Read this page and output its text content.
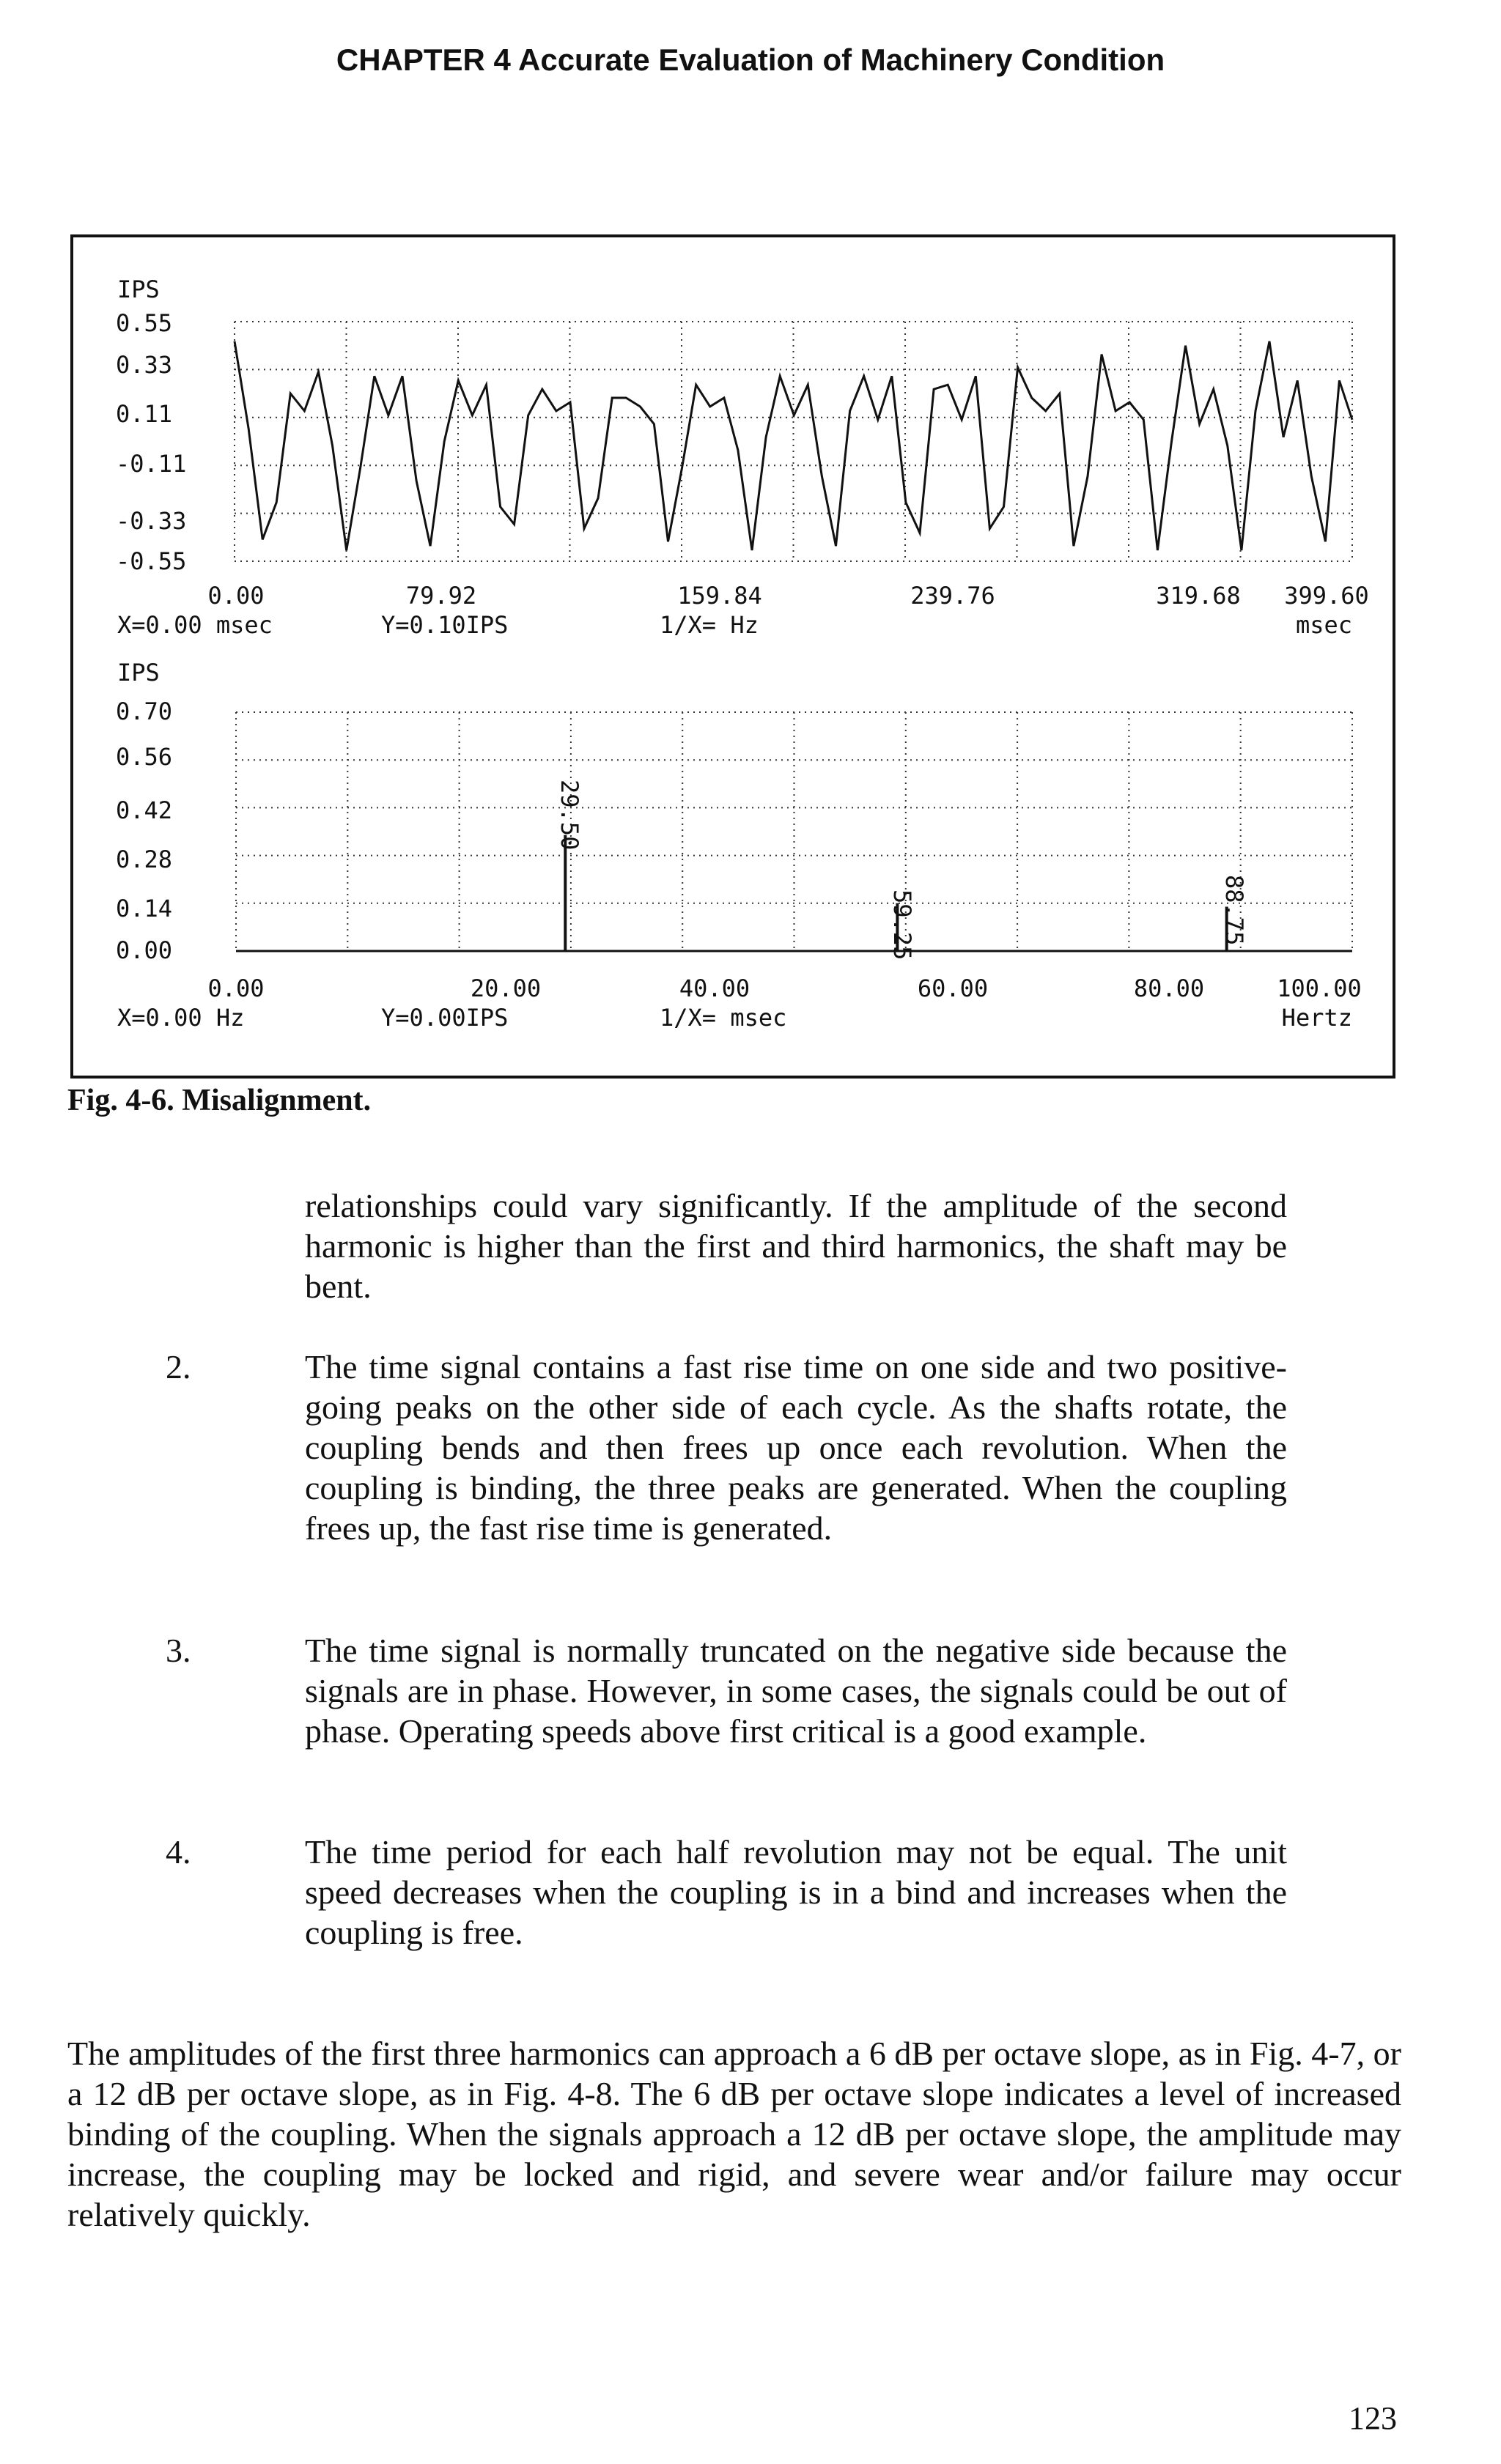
CHAPTER 4 Accurate Evaluation of Machinery Condition
IPS
0.55
0.33
0.11
-0.11
-0.33
-0.55
0.00	79.92	159.84	239.76	319.68 399.60
X=0.00 msec	Y=0.10IPS	1/X= Hz	msec
IPS
0.70
0.56
0.42
0.28
0.14
0.00
29.50
59.25	88.75
0.00	20.00	40.00	60.00	80.00	100.00
X=0.00 Hz	Y=0.00IPS	1/X= msec	Hertz
Fig. 4-6. Misalignment.
relationships could vary significantly. If the amplitude of the second harmonic is higher than the first and third harmonics, the shaft may be bent.
2.	The time signal contains a fast rise time on one side and two positive-going peaks on the other side of each cycle. As the shafts rotate, the coupling bends and then frees up once each revolution. When the coupling is binding, the three peaks are generated. When the coupling frees up, the fast rise time is generated.
3.	The time signal is normally truncated on the negative side because the signals are in phase. However, in some cases, the signals could be out of phase. Operating speeds above first critical is a good example.
4.	The time period for each half revolution may not be equal. The unit speed decreases when the coupling is in a bind and increases when the coupling is free.
The amplitudes of the first three harmonics can approach a 6 dB per octave slope, as in Fig. 4-7, or a 12 dB per octave slope, as in Fig. 4-8. The 6 dB per octave slope indicates a level of increased binding of the coupling. When the signals approach a 12 dB per octave slope, the amplitude may increase, the coupling may be locked and rigid, and severe wear and/or failure may occur relatively quickly.
123
